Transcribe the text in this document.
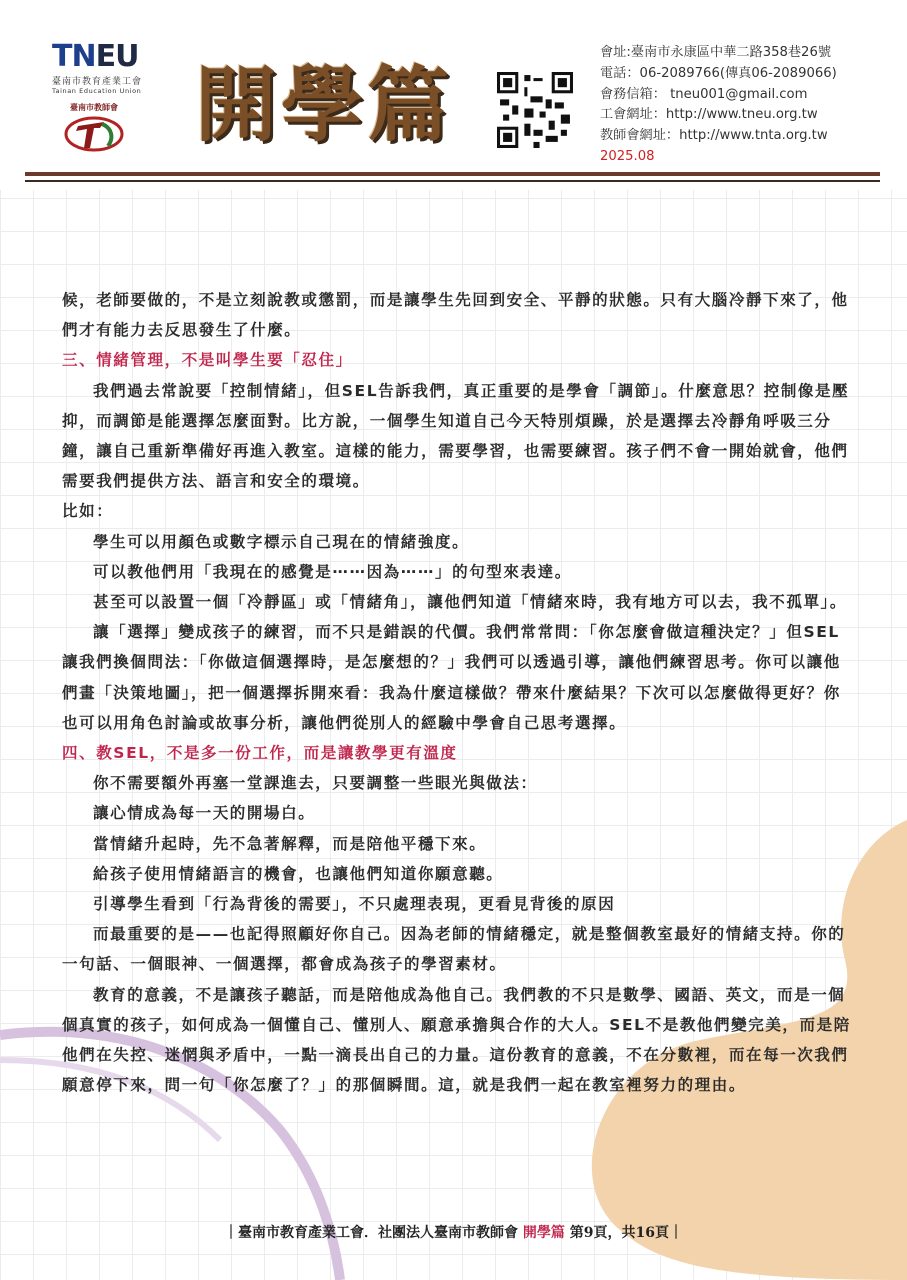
TNEU
臺南市教育產業工會
Tainan Education Union
臺南市教師會 開學篇
會址:臺南市永康區中華二路358巷26號
電話：06-2089766(傳真06-2089066)
會務信箱： tneu001@gmail.com
工會網址：http://www.tneu.org.tw
教師會網址：http://www.tnta.org.tw
2025.08

候，老師要做的，不是立刻說教或懲罰，而是讓學生先回到安全、平靜的狀態。只有大腦冷靜下來了，他們才有能力去反思發生了什麼。

三、情緒管理，不是叫學生要「忍住」

我們過去常說要「控制情緒」，但SEL告訴我們，真正重要的是學會「調節」。什麼意思？控制像是壓抑，而調節是能選擇怎麼面對。比方說，一個學生知道自己今天特別煩躁，於是選擇去冷靜角呼吸三分鐘，讓自己重新準備好再進入教室。這樣的能力，需要學習，也需要練習。孩子們不會一開始就會，他們需要我們提供方法、語言和安全的環境。

比如：

學生可以用顏色或數字標示自己現在的情緒強度。

可以教他們用「我現在的感覺是⋯⋯因為⋯⋯」的句型來表達。

甚至可以設置一個「冷靜區」或「情緒角」，讓他們知道「情緒來時，我有地方可以去，我不孤單」。

讓「選擇」變成孩子的練習，而不只是錯誤的代價。我們常常問：「你怎麼會做這種決定？」但SEL讓我們換個問法：「你做這個選擇時，是怎麼想的？」我們可以透過引導，讓他們練習思考。你可以讓他們畫「決策地圖」，把一個選擇拆開來看：我為什麼這樣做？帶來什麼結果？下次可以怎麼做得更好？你也可以用角色討論或故事分析，讓他們從別人的經驗中學會自己思考選擇。

四、教SEL，不是多一份工作，而是讓教學更有溫度

你不需要額外再塞一堂課進去，只要調整一些眼光與做法：

讓心情成為每一天的開場白。

當情緒升起時，先不急著解釋，而是陪他平穩下來。

給孩子使用情緒語言的機會，也讓他們知道你願意聽。

引導學生看到「行為背後的需要」，不只處理表現，更看見背後的原因

而最重要的是——也記得照顧好你自己。因為老師的情緒穩定，就是整個教室最好的情緒支持。你的一句話、一個眼神、一個選擇，都會成為孩子的學習素材。

教育的意義，不是讓孩子聽話，而是陪他成為他自己。我們教的不只是數學、國語、英文，而是一個個真實的孩子，如何成為一個懂自己、懂別人、願意承擔與合作的大人。SEL不是教他們變完美，而是陪他們在失控、迷惘與矛盾中，一點一滴長出自己的力量。這份教育的意義，不在分數裡，而在每一次我們願意停下來，問一句「你怎麼了？」的那個瞬間。這，就是我們一起在教室裡努力的理由。

｜臺南市教育產業工會．社團法人臺南市教師會 開學篇 第9頁，共16頁｜
